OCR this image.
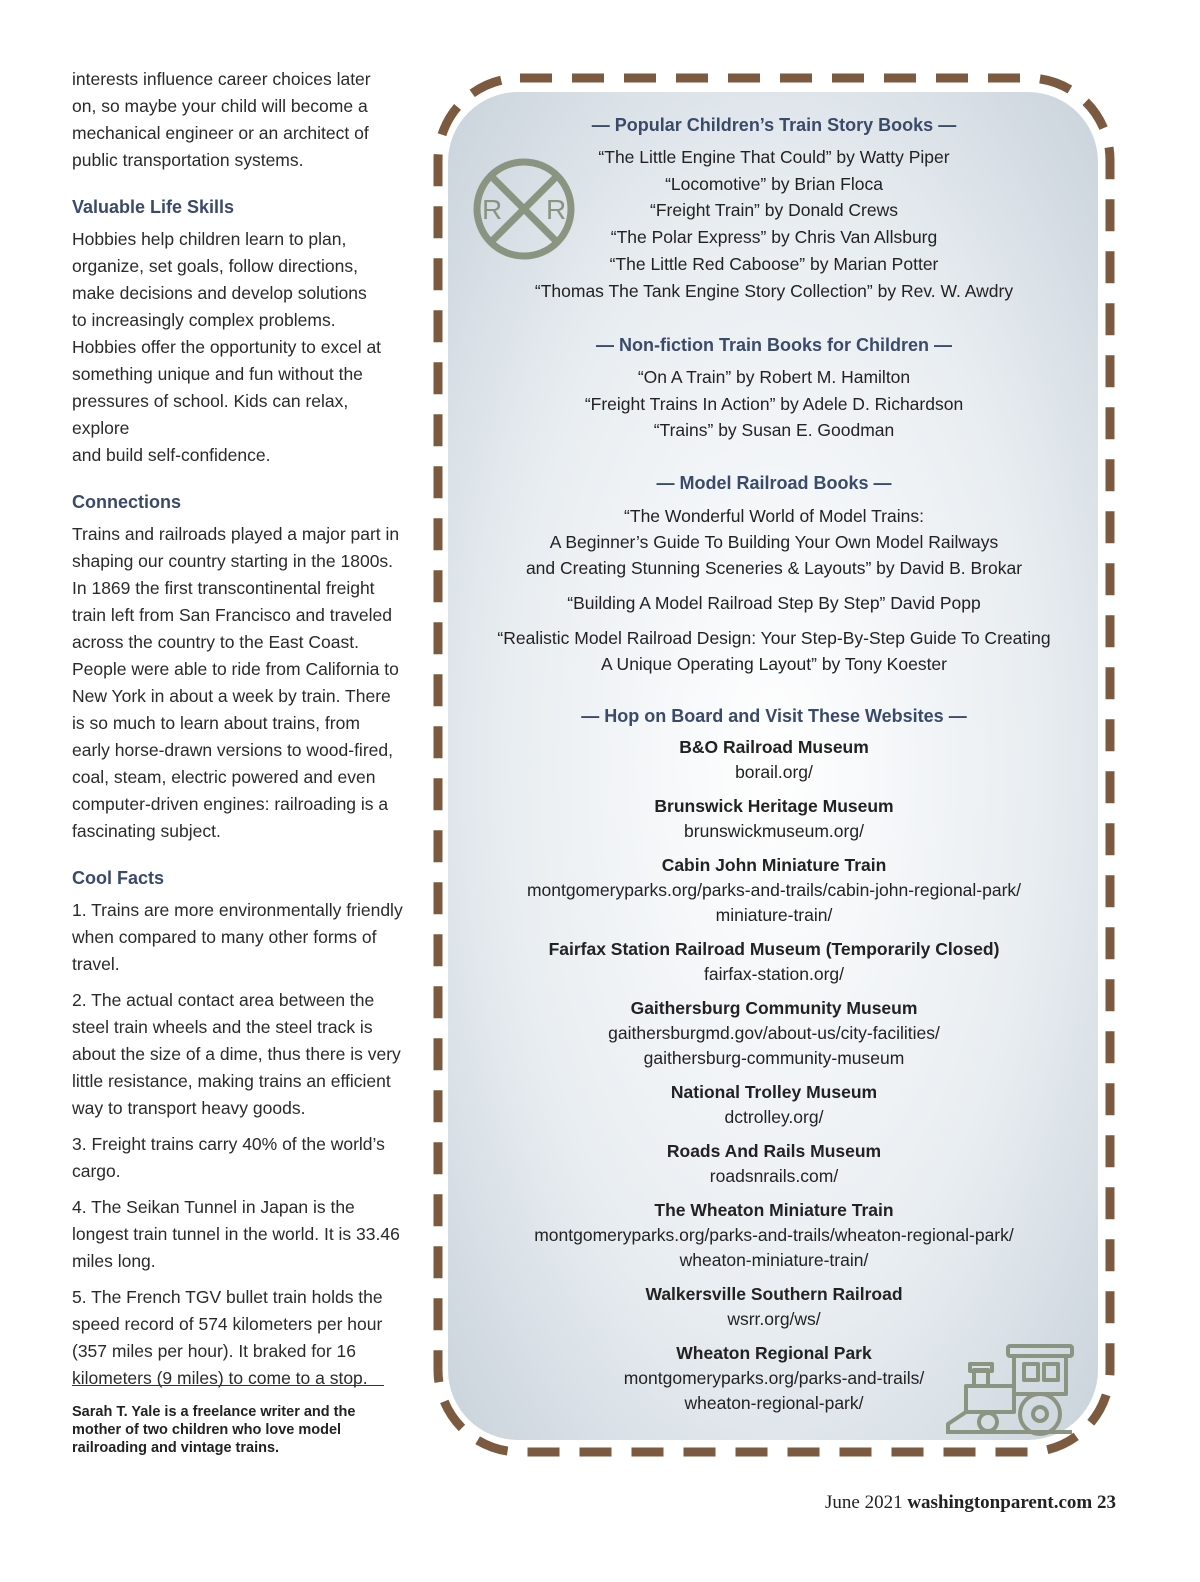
R R

interests influence career choices later

on, so maybe your child will become a

mechanical engineer or an architect of

public transportation systems.

Valuable Life Skills

Hobbies help children learn to plan,

organize, set goals, follow directions,

make decisions and develop solutions

to increasingly complex problems.

Hobbies offer the opportunity to excel at

something unique and fun without the

pressures of school. Kids can relax, explore

and build self-confidence.

Connections

Trains and railroads played a major part in

shaping our country starting in the 1800s.

In 1869 the first transcontinental freight

train left from San Francisco and traveled

across the country to the East Coast.

People were able to ride from California to

New York in about a week by train. There

is so much to learn about trains, from

early horse-drawn versions to wood-fired,

coal, steam, electric powered and even

computer-driven engines: railroading is a

fascinating subject.

Cool Facts

1. Trains are more environmentally friendly

when compared to many other forms of

travel.

2. The actual contact area between the

steel train wheels and the steel track is

about the size of a dime, thus there is very

little resistance, making trains an efficient

way to transport heavy goods.

3. Freight trains carry 40% of the world’s

cargo.

4. The Seikan Tunnel in Japan is the

longest train tunnel in the world. It is 33.46

miles long.

5. The French TGV bullet train holds the

speed record of 574 kilometers per hour

(357 miles per hour). It braked for 16

kilometers (9 miles) to come to a stop.

Sarah T. Yale is a freelance writer and the
mother of two children who love model
railroading and vintage trains.
— Popular Children’s Train Story Books —
“The Little Engine That Could” by Watty Piper
“Locomotive” by Brian Floca
“Freight Train” by Donald Crews
“The Polar Express” by Chris Van Allsburg
“The Little Red Caboose” by Marian Potter
“Thomas The Tank Engine Story Collection” by Rev. W. Awdry
— Non-fiction Train Books for Children —
“On A Train” by Robert M. Hamilton
“Freight Trains In Action” by Adele D. Richardson
“Trains” by Susan E. Goodman
— Model Railroad Books —
“The Wonderful World of Model Trains:
A Beginner’s Guide To Building Your Own Model Railways
and Creating Stunning Sceneries & Layouts” by David B. Brokar
“Building A Model Railroad Step By Step” David Popp
“Realistic Model Railroad Design: Your Step-By-Step Guide To Creating
A Unique Operating Layout” by Tony Koester
— Hop on Board and Visit These Websites —
B&O Railroad Museum
borail.org/
Brunswick Heritage Museum
brunswickmuseum.org/
Cabin John Miniature Train
montgomeryparks.org/parks-and-trails/cabin-john-regional-park/
miniature-train/
Fairfax Station Railroad Museum (Temporarily Closed)
fairfax-station.org/
Gaithersburg Community Museum
gaithersburgmd.gov/about-us/city-facilities/
gaithersburg-community-museum
National Trolley Museum
dctrolley.org/
Roads And Rails Museum
roadsnrails.com/
The Wheaton Miniature Train
montgomeryparks.org/parks-and-trails/wheaton-regional-park/
wheaton-miniature-train/
Walkersville Southern Railroad
wsrr.org/ws/
Wheaton Regional Park
montgomeryparks.org/parks-and-trails/
wheaton-regional-park/
June 2021 washingtonparent.com 23
